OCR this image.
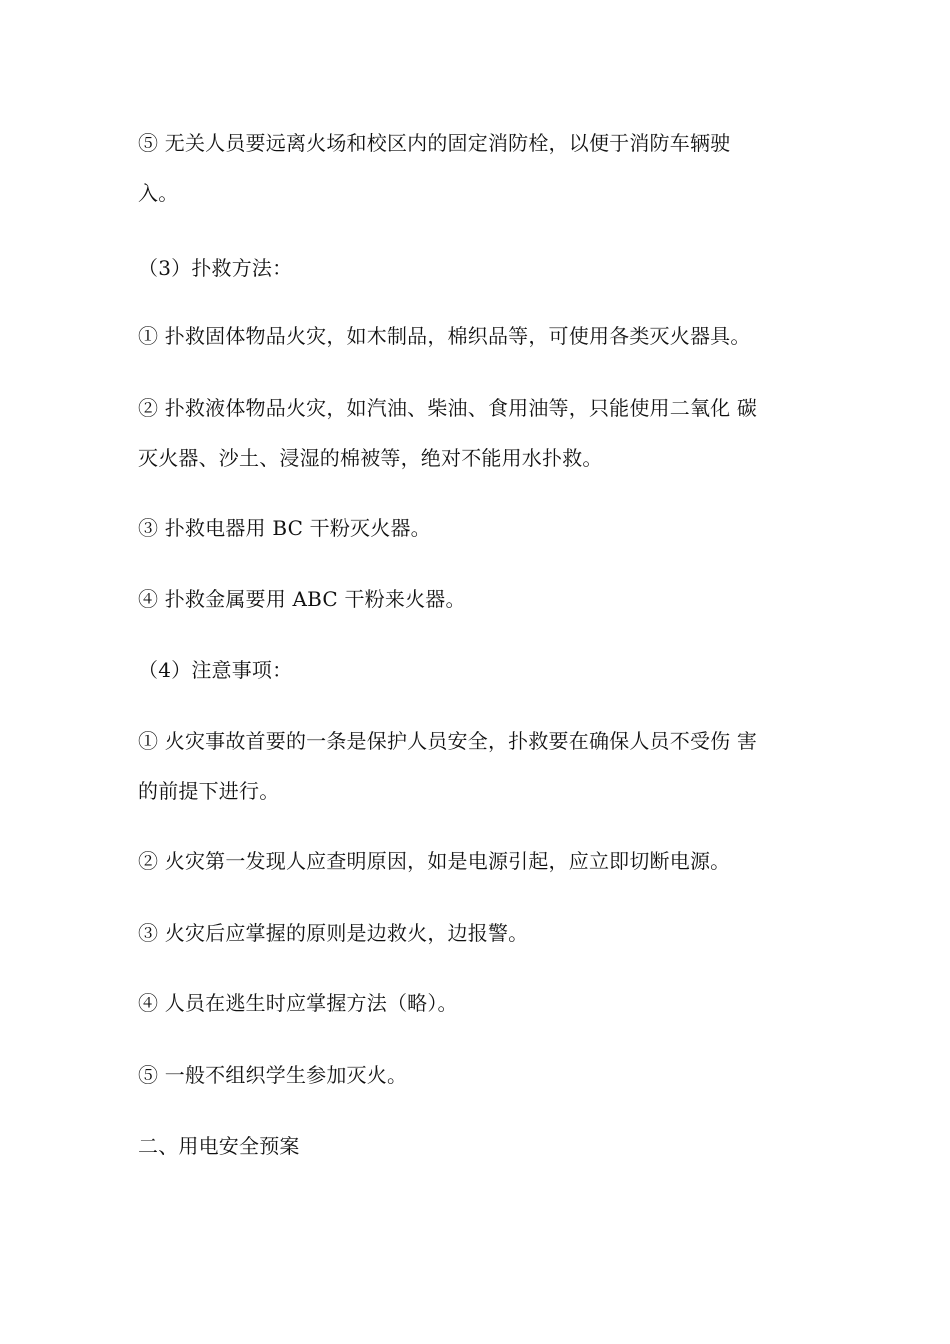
⑤ 无关人员要远离火场和校区内的固定消防栓，以便于消防车辆驶
入。
（3）扑救方法：
① 扑救固体物品火灾，如木制品，棉织品等，可使用各类灭火器具。
② 扑救液体物品火灾，如汽油、柴油、食用油等，只能使用二氧化 碳
灭火器、沙土、浸湿的棉被等，绝对不能用水扑救。
③ 扑救电器用 BC 干粉灭火器。
④ 扑救金属要用 ABC 干粉来火器。
（4）注意事项：
① 火灾事故首要的一条是保护人员安全，扑救要在确保人员不受伤 害
的前提下进行。
② 火灾第一发现人应查明原因，如是电源引起，应立即切断电源。
③ 火灾后应掌握的原则是边救火，边报警。
④ 人员在逃生时应掌握方法（略）。
⑤ 一般不组织学生参加灭火。
二、用电安全预案
